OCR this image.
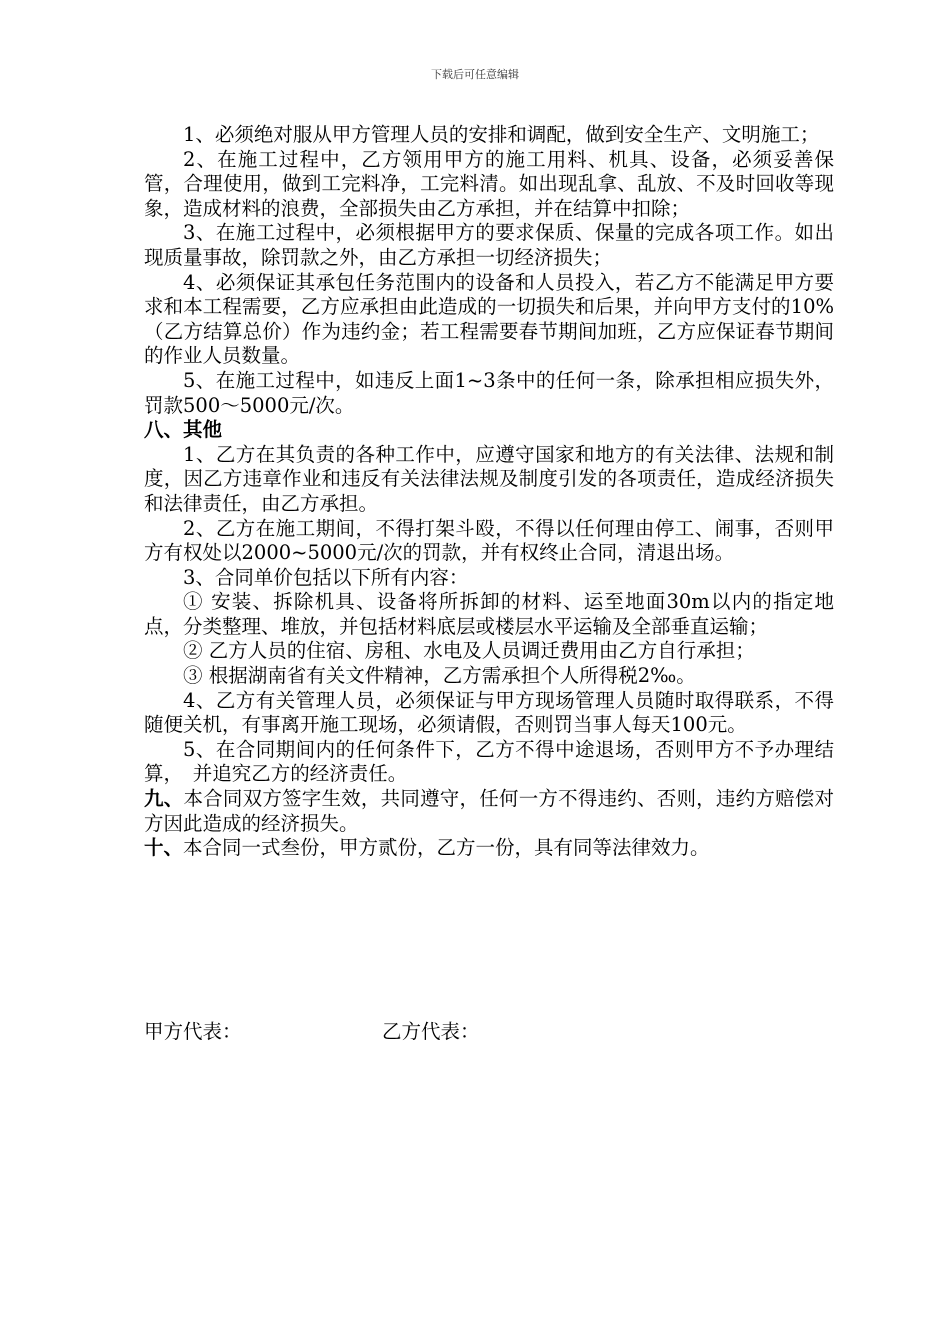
下载后可任意编辑

1、必须绝对服从甲方管理人员的安排和调配，做到安全生产、文明施工；

2、在施工过程中，乙方领用甲方的施工用料、机具、设备，必须妥善保管，合理使用，做到工完料净，工完料清。如出现乱拿、乱放、不及时回收等现象，造成材料的浪费，全部损失由乙方承担，并在结算中扣除；

3、在施工过程中，必须根据甲方的要求保质、保量的完成各项工作。如出现质量事故，除罚款之外，由乙方承担一切经济损失；

4、必须保证其承包任务范围内的设备和人员投入，若乙方不能满足甲方要求和本工程需要，乙方应承担由此造成的一切损失和后果，并向甲方支付的10%（乙方结算总价）作为违约金；若工程需要春节期间加班，乙方应保证春节期间的作业人员数量。

5、在施工过程中，如违反上面1~3条中的任何一条，除承担相应损失外，罚款500～5000元/次。

八、其他

1、乙方在其负责的各种工作中，应遵守国家和地方的有关法律、法规和制度，因乙方违章作业和违反有关法律法规及制度引发的各项责任，造成经济损失和法律责任，由乙方承担。

2、乙方在施工期间，不得打架斗殴，不得以任何理由停工、闹事，否则甲方有权处以2000~5000元/次的罚款，并有权终止合同，清退出场。

3、合同单价包括以下所有内容：

① 安装、拆除机具、设备将所拆卸的材料、运至地面30m以内的指定地点，分类整理、堆放，并包括材料底层或楼层水平运输及全部垂直运输；

② 乙方人员的住宿、房租、水电及人员调迁费用由乙方自行承担；

③ 根据湖南省有关文件精神，乙方需承担个人所得税2‰。

4、乙方有关管理人员，必须保证与甲方现场管理人员随时取得联系，不得随便关机，有事离开施工现场，必须请假，否则罚当事人每天100元。

5、在合同期间内的任何条件下，乙方不得中途退场，否则甲方不予办理结算，　并追究乙方的经济责任。

九、本合同双方签字生效，共同遵守，任何一方不得违约、否则，违约方赔偿对方因此造成的经济损失。

十、本合同一式叁份，甲方贰份，乙方一份，具有同等法律效力。

甲方代表：	乙方代表：
